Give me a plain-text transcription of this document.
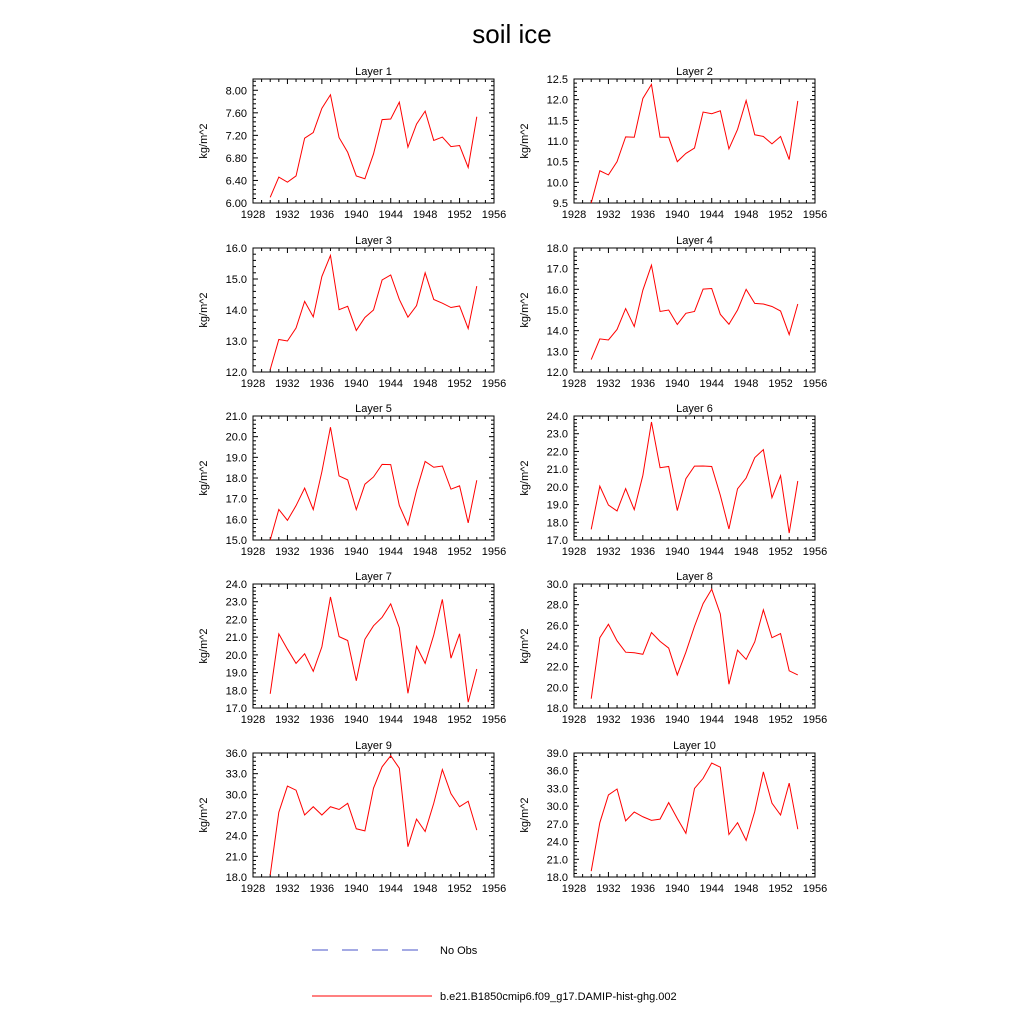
soil ice
Layer 1
1928 1932 1936 1940 1944 1948 1952 1956
6.00
6.40
6.80
7.20
7.60
8.00
kg/m^2
Layer 2
1928 1932 1936 1940 1944 1948 1952 1956
9.5
10.0
10.5
11.0
11.5
12.0
12.5
kg/m^2
Layer 3
1928 1932 1936 1940 1944 1948 1952 1956
12.0
13.0
14.0
15.0
16.0
kg/m^2
Layer 4
1928 1932 1936 1940 1944 1948 1952 1956
12.0
13.0
14.0
15.0
16.0
17.0
18.0
kg/m^2
Layer 5
1928 1932 1936 1940 1944 1948 1952 1956
15.0
16.0
17.0
18.0
19.0
20.0
21.0
kg/m^2
Layer 6
1928 1932 1936 1940 1944 1948 1952 1956
17.0
18.0
19.0
20.0
21.0
22.0
23.0
24.0
kg/m^2
Layer 7
1928 1932 1936 1940 1944 1948 1952 1956
17.0
18.0
19.0
20.0
21.0
22.0
23.0
24.0
kg/m^2
Layer 8
1928 1932 1936 1940 1944 1948 1952 1956
18.0
20.0
22.0
24.0
26.0
28.0
30.0
kg/m^2
Layer 9
1928 1932 1936 1940 1944 1948 1952 1956
18.0
21.0
24.0
27.0
30.0
33.0
36.0
kg/m^2
Layer 10
1928 1932 1936 1940 1944 1948 1952 1956
18.0
21.0
24.0
27.0
30.0
33.0
36.0
39.0
kg/m^2
No Obs
b.e21.B1850cmip6.f09_g17.DAMIP-hist-ghg.002
